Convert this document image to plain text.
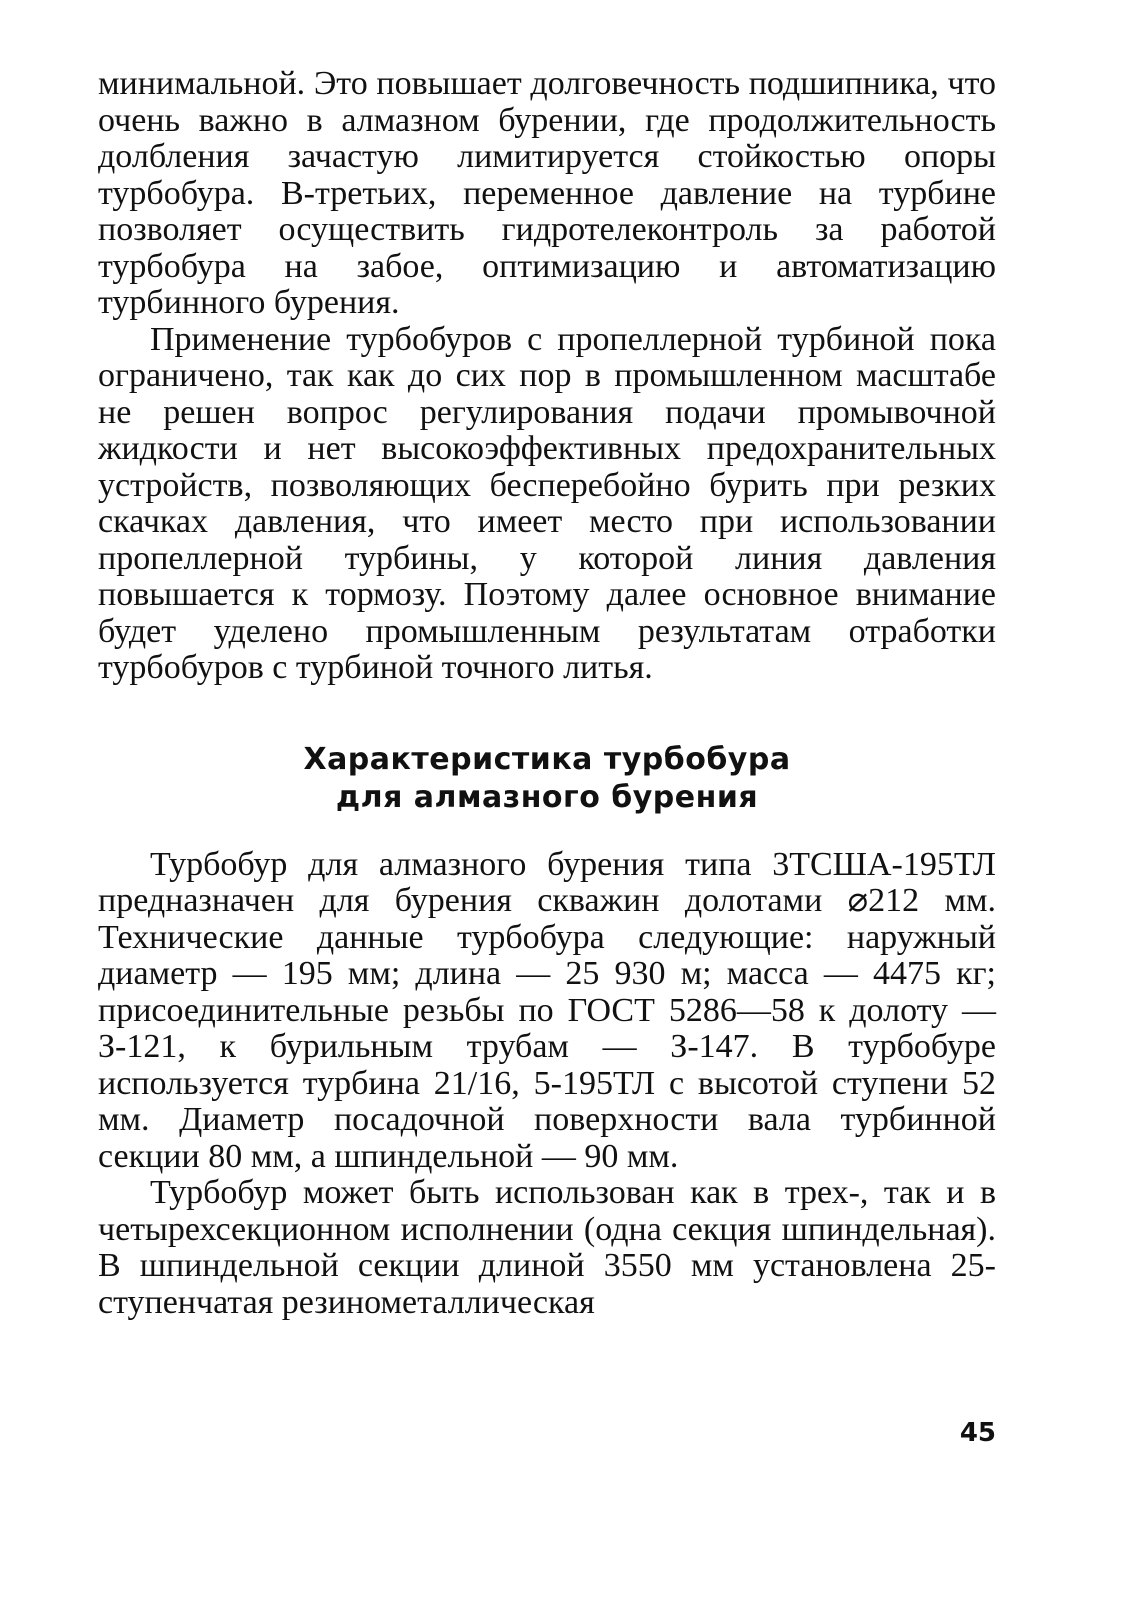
минимальной. Это повышает долговечность подшипника, что очень важно в алмазном бурении, где продолжительность долбления зачастую лимитируется стойкостью опоры турбобура. В-третьих, переменное давление на турбине позволяет осуществить гидротелеконтроль за работой турбобура на забое, оптимизацию и автоматизацию турбинного бурения.

Применение турбобуров с пропеллерной турбиной пока ограничено, так как до сих пор в промышленном масштабе не решен вопрос регулирования подачи промывочной жидкости и нет высокоэффективных предохранительных устройств, позволяющих бесперебойно бурить при резких скачках давления, что имеет место при использовании пропеллерной турбины, у которой линия давления повышается к тормозу. Поэтому далее основное внимание будет уделено промышленным результатам отработки турбобуров с турбиной точного литья.

Характеристика турбобура
для алмазного бурения

Турбобур для алмазного бурения типа 3ТСША-195ТЛ предназначен для бурения скважин долотами ⌀212 мм. Технические данные турбобура следующие: наружный диаметр — 195 мм; длина — 25 930 м; масса — 4475 кг; присоединительные резьбы по ГОСТ 5286—58 к долоту — З-121, к бурильным трубам — З-147. В турбобуре используется турбина 21/16, 5-195ТЛ с высотой ступени 52 мм. Диаметр посадочной поверхности вала турбинной секции 80 мм, а шпиндельной — 90 мм.

Турбобур может быть использован как в трех-, так и в четырехсекционном исполнении (одна секция шпиндельная). В шпиндельной секции длиной 3550 мм установлена 25-ступенчатая резинометаллическая

45
